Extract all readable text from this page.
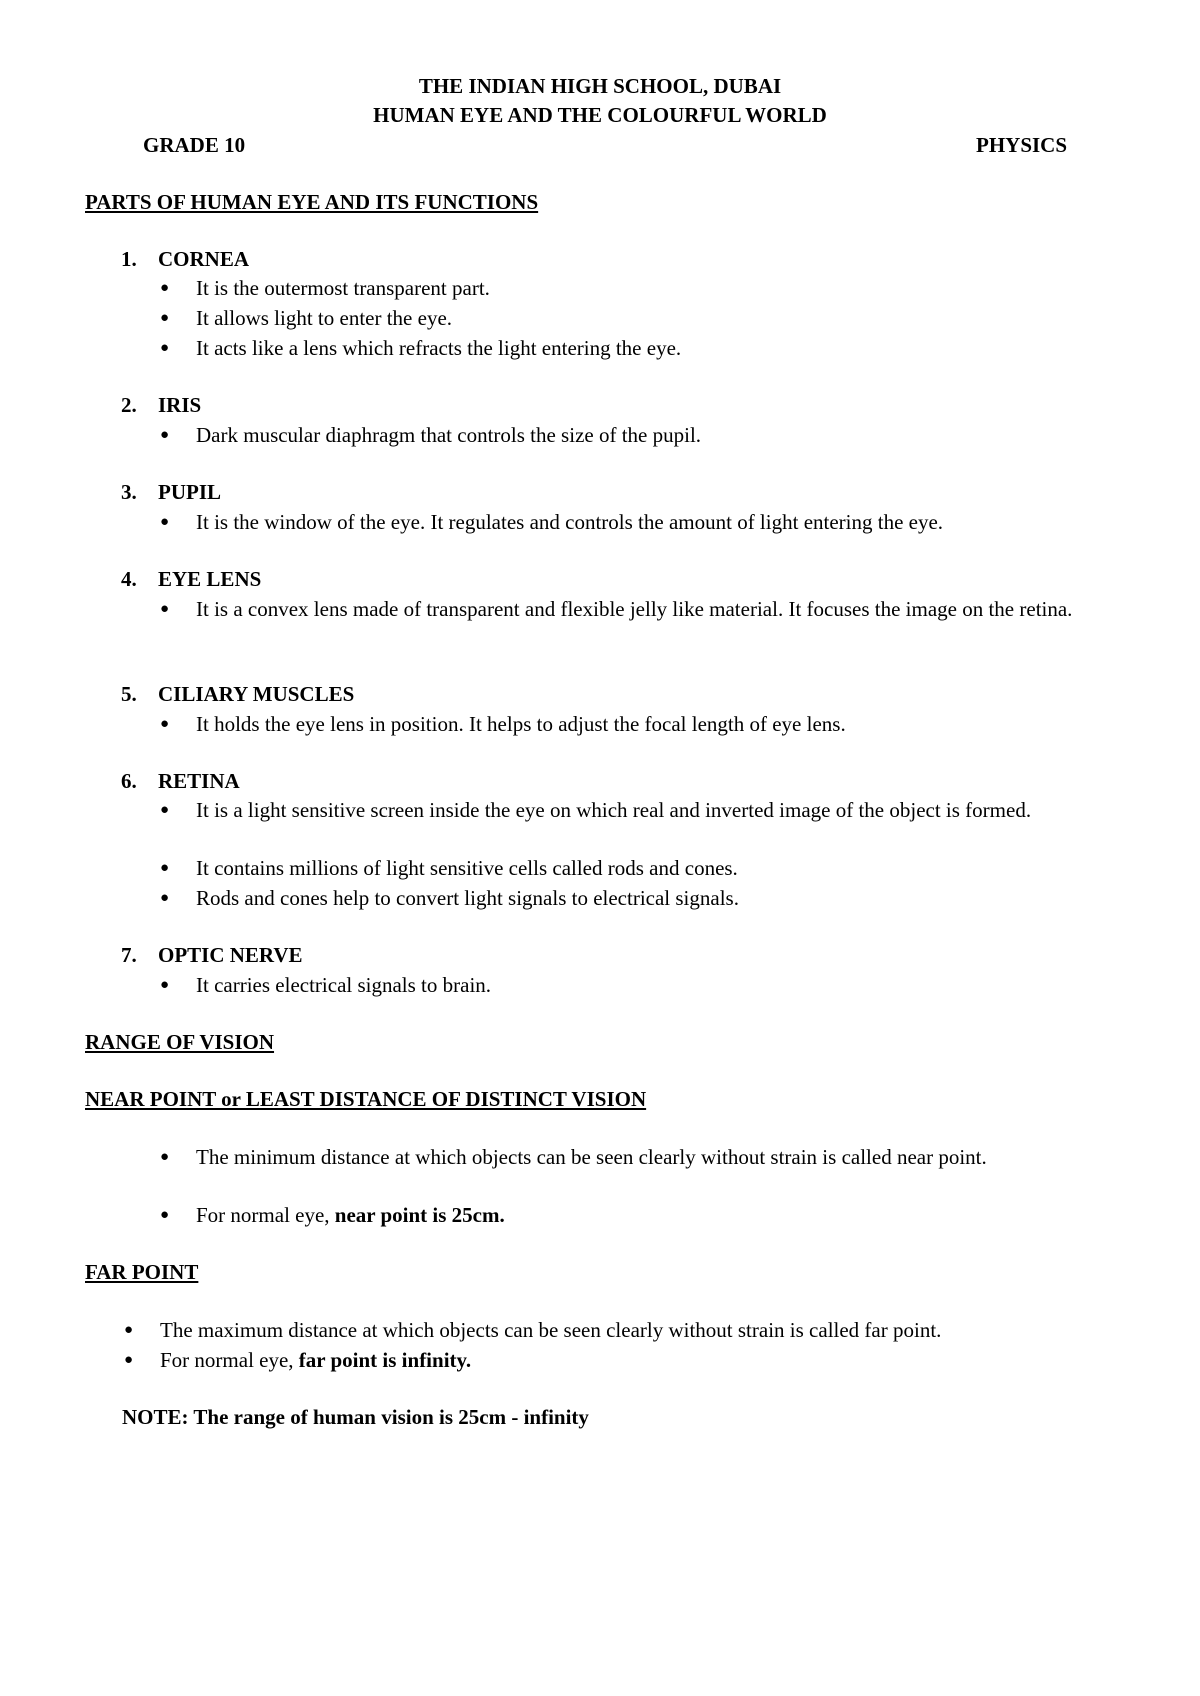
THE INDIAN HIGH SCHOOL, DUBAI
HUMAN EYE AND THE COLOURFUL WORLD
GRADE 10	PHYSICS
PARTS OF HUMAN EYE AND ITS FUNCTIONS
1. CORNEA
● It is the outermost transparent part.
● It allows light to enter the eye.
● It acts like a lens which refracts the light entering the eye.
2. IRIS
● Dark muscular diaphragm that controls the size of the pupil.
3. PUPIL
● It is the window of the eye. It regulates and controls the amount of light entering the eye.
4. EYE LENS
● It is a convex lens made of transparent and flexible jelly like material. It focuses the image on the retina.
5. CILIARY MUSCLES
● It holds the eye lens in position. It helps to adjust the focal length of eye lens.
6. RETINA
● It is a light sensitive screen inside the eye on which real and inverted image of the object is formed.
● It contains millions of light sensitive cells called rods and cones.
● Rods and cones help to convert light signals to electrical signals.
7. OPTIC NERVE
● It carries electrical signals to brain.
RANGE OF VISION
NEAR POINT or LEAST DISTANCE OF DISTINCT VISION
● The minimum distance at which objects can be seen clearly without strain is called near point.
● For normal eye, near point is 25cm.
FAR POINT
● The maximum distance at which objects can be seen clearly without strain is called far point.
● For normal eye, far point is infinity.
NOTE: The range of human vision is 25cm - infinity
